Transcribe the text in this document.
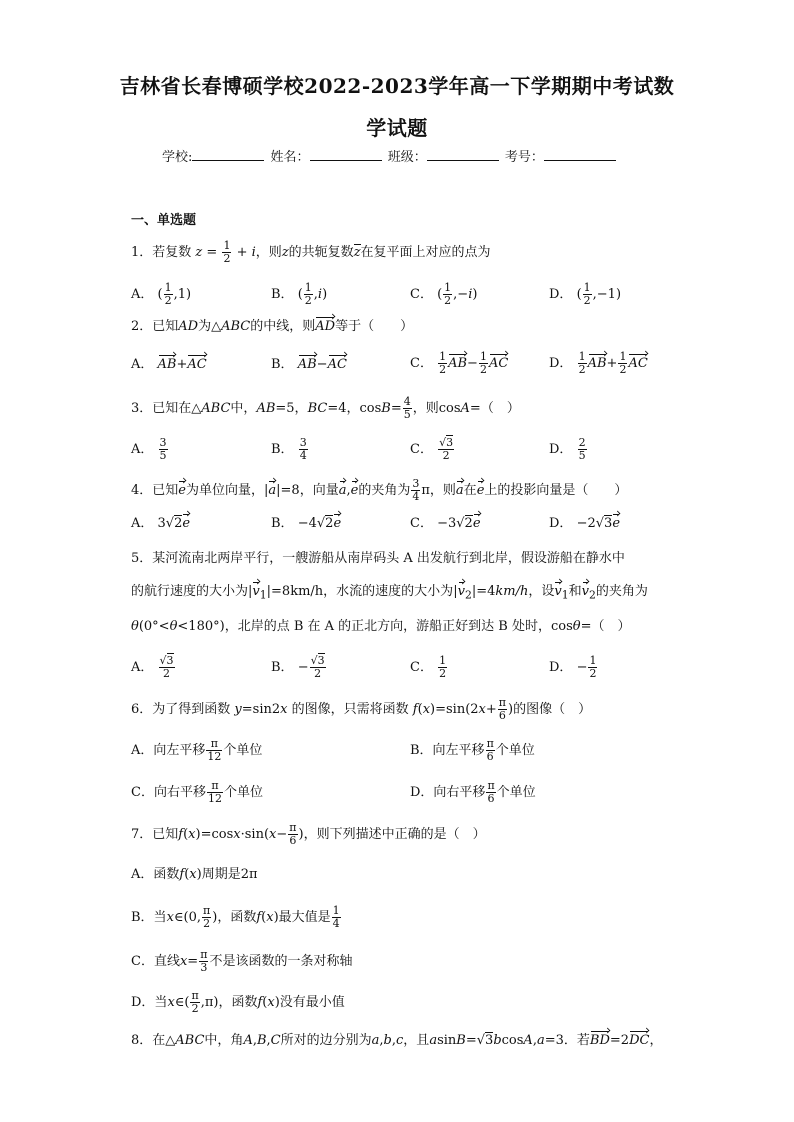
吉林省长春博硕学校2022-2023学年高一下学期期中考试数
学试题
学校:	姓名：	班级：	考号：
一、单选题
1．若复数 $z = \frac{1}{2} + i$，则z的共轭复数z在复平面上对应的点为
A． ( $\frac{1}{2} ,1$)	B． ( $\frac{1}{2} ,i$)	C． ( $\frac{1}{2} ,-i$)	D． ( $\frac{1}{2} ,-1$)
2．已知AD为△ABC的中线，则AD等于（　　）
A． AB+AC	B． AB−AC	C． $\frac{1}{2} AB- \frac{1}{2}$ AC	D． $\frac{1}{2} AB+ \frac{1}{2}$ AC
3．已知在△ABC中，AB=5，BC=4，$\cos B= \frac{4}{5}$ ，则cosA=（　）
A． $\frac{3}{5}$	B． $\frac{3}{4}$	C． $\frac{√3}{2}$	D． $\frac{2}{5}$
4．已知e为单位向量，|a|=8，向量a,e的夹角为 $\frac{3}{4}$ π，则a在e上的投影向量是（　　）
A． 3√2e	B． −4√2e	C． −3√2e	D． −2√3e
5．某河流南北两岸平行，一艘游船从南岸码头 A 出发航行到北岸，假设游船在静水中
的航行速度的大小为$|v_1|=8km/h$，水流的速度的大小为$|v_2|=4km/h$，设$v_1$和$v_2$的夹角为
θ(0°<θ<180°)，北岸的点 B 在 A 的正北方向，游船正好到达 B 处时，cosθ=（　）
A． $\frac{√3}{2}$	B． − $\frac{√3}{2}$	C． $\frac{1}{2}$	D． − $\frac{1}{2}$
6．为了得到函数 y=sin2x 的图像，只需将函数 $f(x)=\sin(2x+ \frac{\pi}{6}$ )的图像（　）
A．向左平移 $\frac{\pi}{12}$ 个单位	B．向左平移 $\frac{\pi}{6}$ 个单位
C．向右平移 $\frac{\pi}{12}$ 个单位	D．向右平移 $\frac{\pi}{6}$ 个单位
7．已知$f(x)=\cos x\cdot\sin(x- \frac{\pi}{6}$ )，则下列描述中正确的是（　）
A．函数f(x)周期是2π
B．当x∈(0, $\frac{\pi}{2}$ )，函数f(x)最大值是 $\frac{1}{4}$
C．直线$x= \frac{\pi}{3}$ 不是该函数的一条对称轴
D．当x∈( $\frac{\pi}{2} ,\pi$)，函数f(x)没有最小值
8．在△ABC中，角A,B,C所对的边分别为a,b,c，且asinB=√3bcosA,a=3．若BD=2DC，
